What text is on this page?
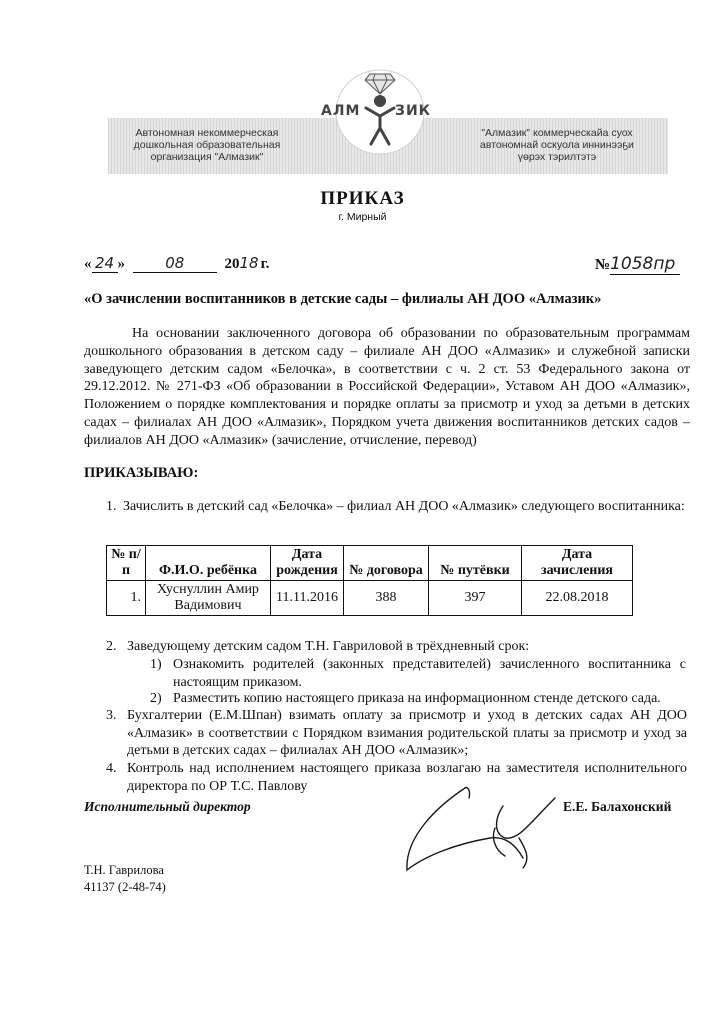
Автономная некоммерческая
дошкольная образовательная
организация "Алмазик"
"Алмазик" коммерческайа суох
автономнай оскуола иннинээҕи
үөрэх тэрилтэтэ
АЛМ ЗИК
ПРИКАЗ
г. Мирный
« 24 »	08	2018 г.	№1058пр
«О зачислении воспитанников в детские сады – филиалы АН ДОО «Алмазик»
На основании заключенного договора об образовании по образовательным программам дошкольного образования в детском саду – филиале АН ДОО «Алмазик» и служебной записки заведующего детским садом «Белочка», в соответствии с ч. 2 ст. 53 Федерального закона от 29.12.2012. № 271-ФЗ «Об образовании в Российской Федерации», Уставом АН ДОО «Алмазик», Положением о порядке комплектования и порядке оплаты за присмотр и уход за детьми в детских садах – филиалах АН ДОО «Алмазик», Порядком учета движения воспитанников детских садов – филиалов АН ДОО «Алмазик» (зачисление, отчисление, перевод)
ПРИКАЗЫВАЮ:
1. Зачислить в детский сад «Белочка» – филиал АН ДОО «Алмазик» следующего воспитанника:
№ п/п	Ф.И.О. ребёнка	Дата рождения	№ договора	№ путёвки	Дата зачисления
1.	Хуснуллин Амир Вадимович	11.11.2016	388	397	22.08.2018
2. Заведующему детским садом Т.Н. Гавриловой в трёхдневный срок:
1) Ознакомить родителей (законных представителей) зачисленного воспитанника с настоящим приказом.
2) Разместить копию настоящего приказа на информационном стенде детского сада.
3. Бухгалтерии (Е.М.Шпан) взимать оплату за присмотр и уход в детских садах АН ДОО «Алмазик» в соответствии с Порядком взимания родительской платы за присмотр и уход за детьми в детских садах – филиалах АН ДОО «Алмазик»;
4. Контроль над исполнением настоящего приказа возлагаю на заместителя исполнительного директора по ОР Т.С. Павлову
Исполнительный директор	Е.Е. Балахонский
Т.Н. Гаврилова
41137 (2-48-74)
